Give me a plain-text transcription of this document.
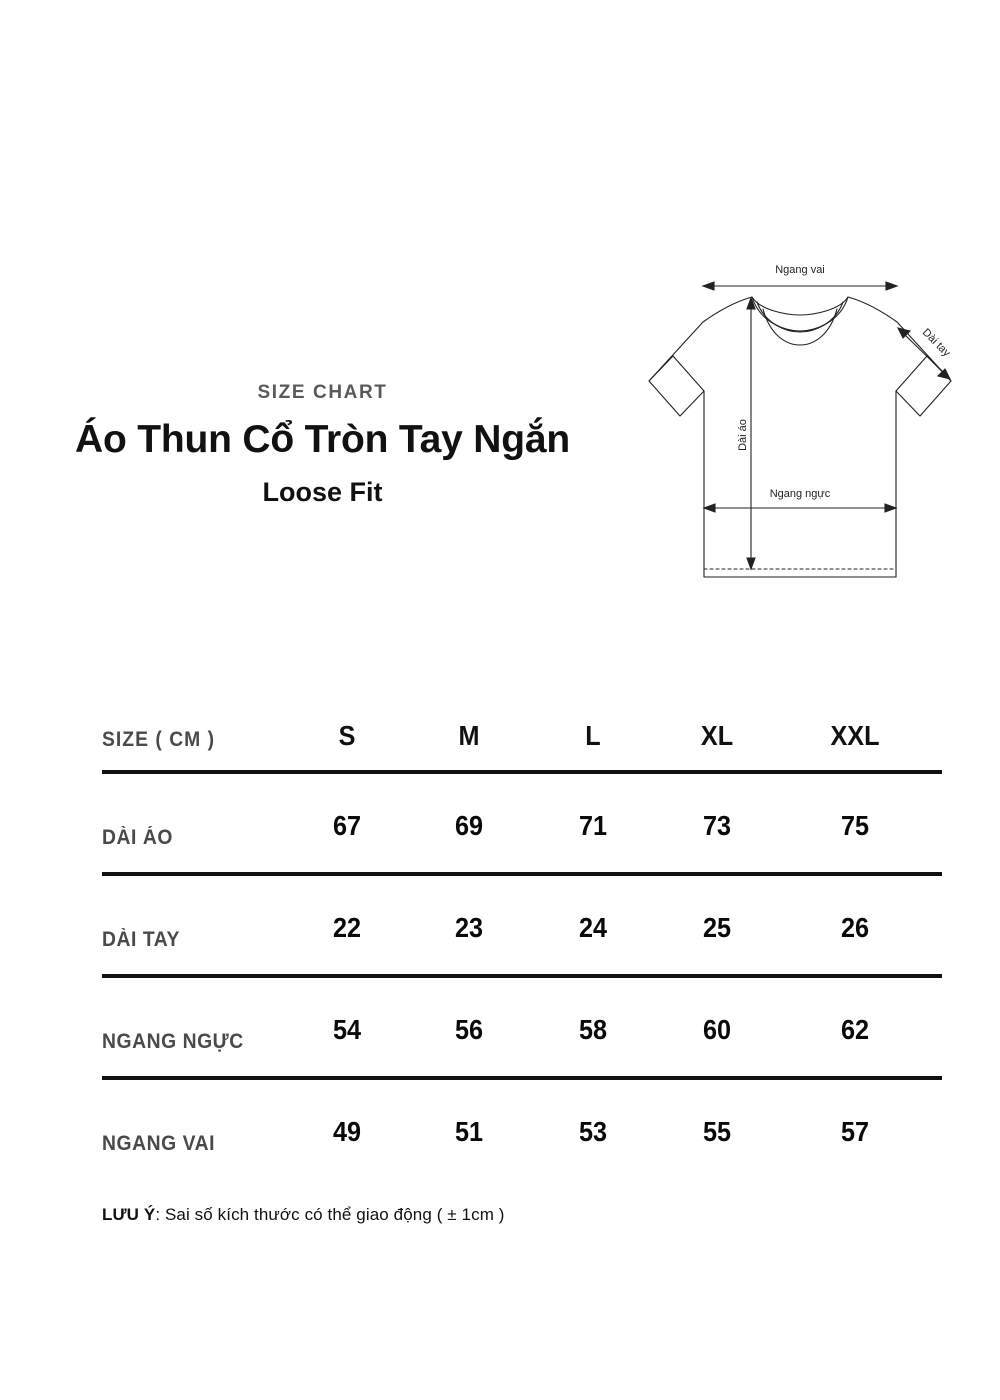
SIZE CHART
Áo Thun Cổ Tròn Tay Ngắn
Loose Fit
Ngang vai
Ngang ngực
Dài áo
Dài tay
SIZE ( CM )	S	M	L	XL	XXL
DÀI ÁO	67	69	71	73	75
DÀI TAY	22	23	24	25	26
NGANG NGỰC	54	56	58	60	62
NGANG VAI	49	51	53	55	57
LƯU Ý: Sai số kích thước có thể giao động ( ± 1cm )
